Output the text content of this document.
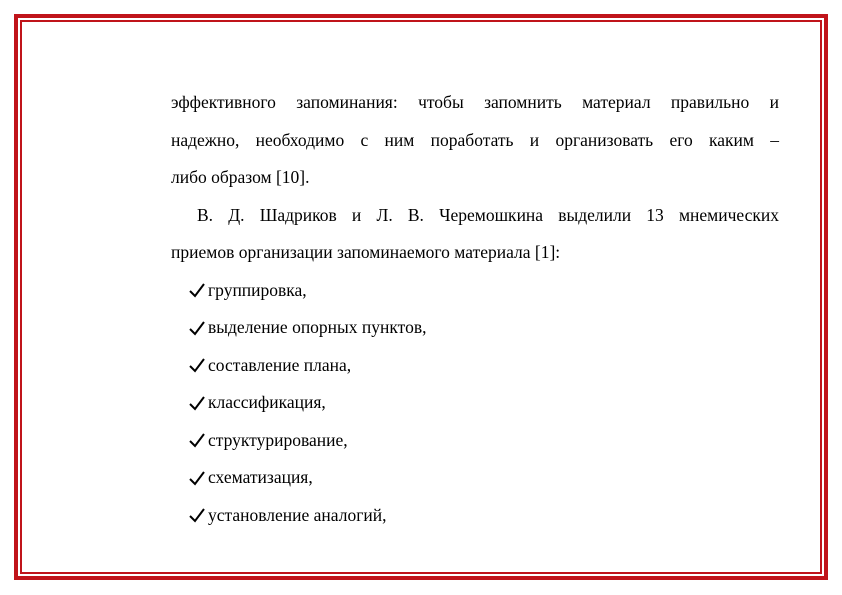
эффективного запоминания: чтобы запомнить материал правильно и
надежно, необходимо с ним поработать и организовать его каким –
либо образом [10].
В. Д. Шадриков и Л. В. Черемошкина выделили 13 мнемических
приемов организации запоминаемого материала [1]:
группировка,
выделение опорных пунктов,
составление плана,
классификация,
структурирование,
схематизация,
установление аналогий,
